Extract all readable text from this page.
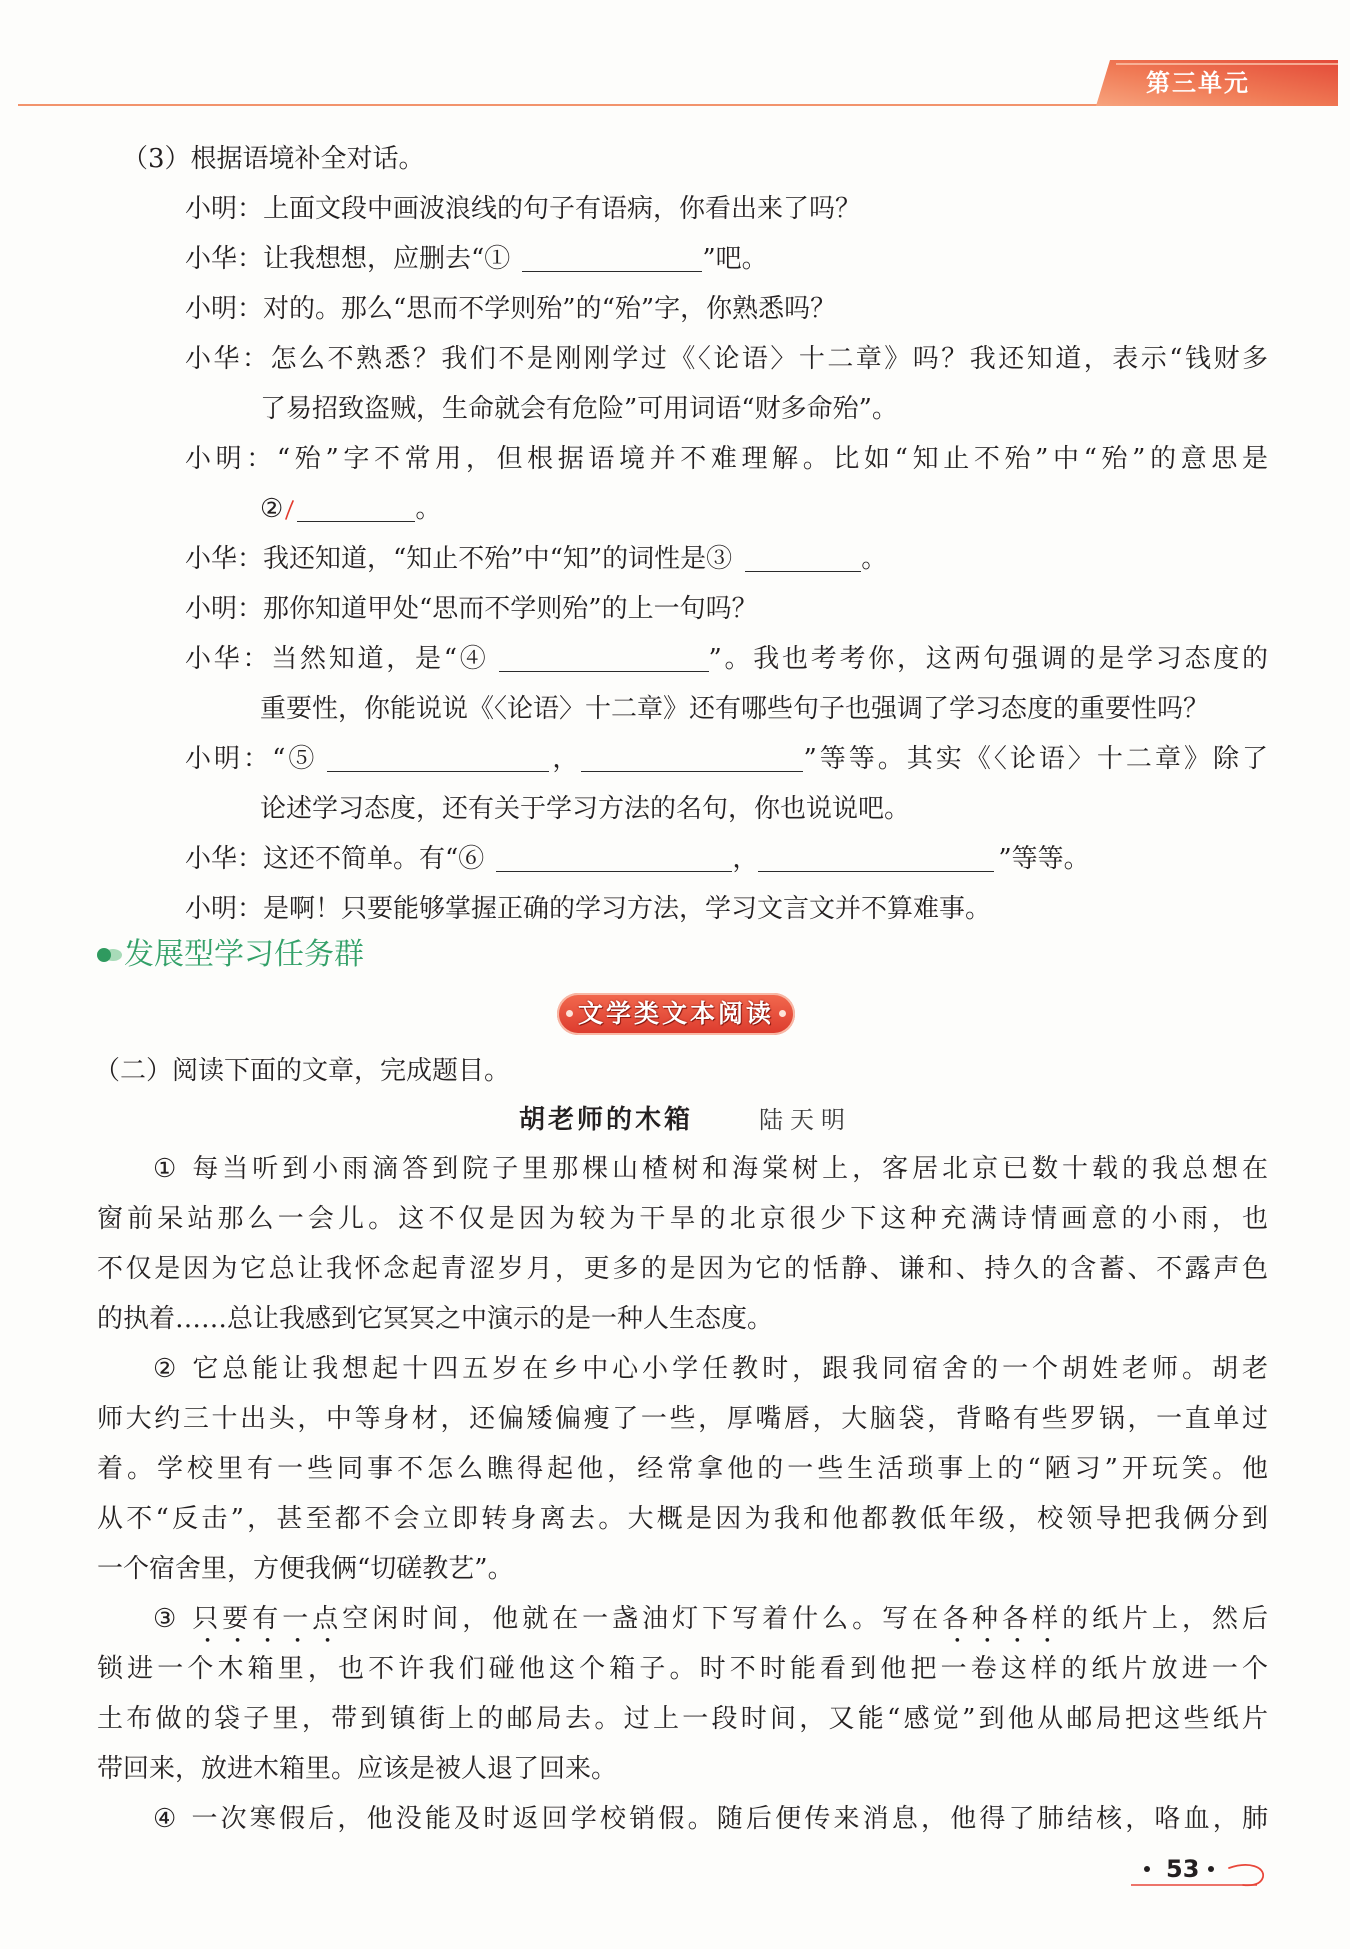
第三单元
（3）根据语境补全对话。
小明：上面文段中画波浪线的句子有语病，你看出来了吗？
小华：让我想想，应删去“①	”吧。
小明：对的。那么“思而不学则殆”的“殆”字，你熟悉吗？
小华：怎么不熟悉？我们不是刚刚学过《〈论语〉十二章》吗？我还知道，表示“钱财多
了易招致盗贼，生命就会有危险”可用词语“财多命殆”。
小明：“殆”字不常用，但根据语境并不难理解。比如“知止不殆”中“殆”的意思是
②	。
小华：我还知道，“知止不殆”中“知”的词性是③	。
小明：那你知道甲处“思而不学则殆”的上一句吗？
小华：当然知道，是“④	”。我也考考你，这两句强调的是学习态度的
重要性，你能说说《〈论语〉十二章》还有哪些句子也强调了学习态度的重要性吗？
小明：“⑤	，	”等等。其实《〈论语〉十二章》除了
论述学习态度，还有关于学习方法的名句，你也说说吧。
小华：这还不简单。有“⑥	，	”等等。
小明：是啊！只要能够掌握正确的学习方法，学习文言文并不算难事。
发展型学习任务群
文学类文本阅读
（二）阅读下面的文章，完成题目。
胡老师的木箱	陆天明
① 每当听到小雨滴答到院子里那棵山楂树和海棠树上，客居北京已数十载的我总想在
窗前呆站那么一会儿。这不仅是因为较为干旱的北京很少下这种充满诗情画意的小雨，也
不仅是因为它总让我怀念起青涩岁月，更多的是因为它的恬静、谦和、持久的含蓄、不露声色
的执着……总让我感到它冥冥之中演示的是一种人生态度。
② 它总能让我想起十四五岁在乡中心小学任教时，跟我同宿舍的一个胡姓老师。胡老
师大约三十出头，中等身材，还偏矮偏瘦了一些，厚嘴唇，大脑袋，背略有些罗锅，一直单过
着。学校里有一些同事不怎么瞧得起他，经常拿他的一些生活琐事上的“陋习”开玩笑。他
从不“反击”，甚至都不会立即转身离去。大概是因为我和他都教低年级，校领导把我俩分到
一个宿舍里，方便我俩“切磋教艺”。
③ 只要有一点空闲时间，他就在一盏油灯下写着什么。写在各种各样的纸片上，然后
锁进一个木箱里，也不许我们碰他这个箱子。时不时能看到他把一卷这样的纸片放进一个
土布做的袋子里，带到镇街上的邮局去。过上一段时间，又能“感觉”到他从邮局把这些纸片
带回来，放进木箱里。应该是被人退了回来。
④ 一次寒假后，他没能及时返回学校销假。随后便传来消息，他得了肺结核，咯血，肺
53
